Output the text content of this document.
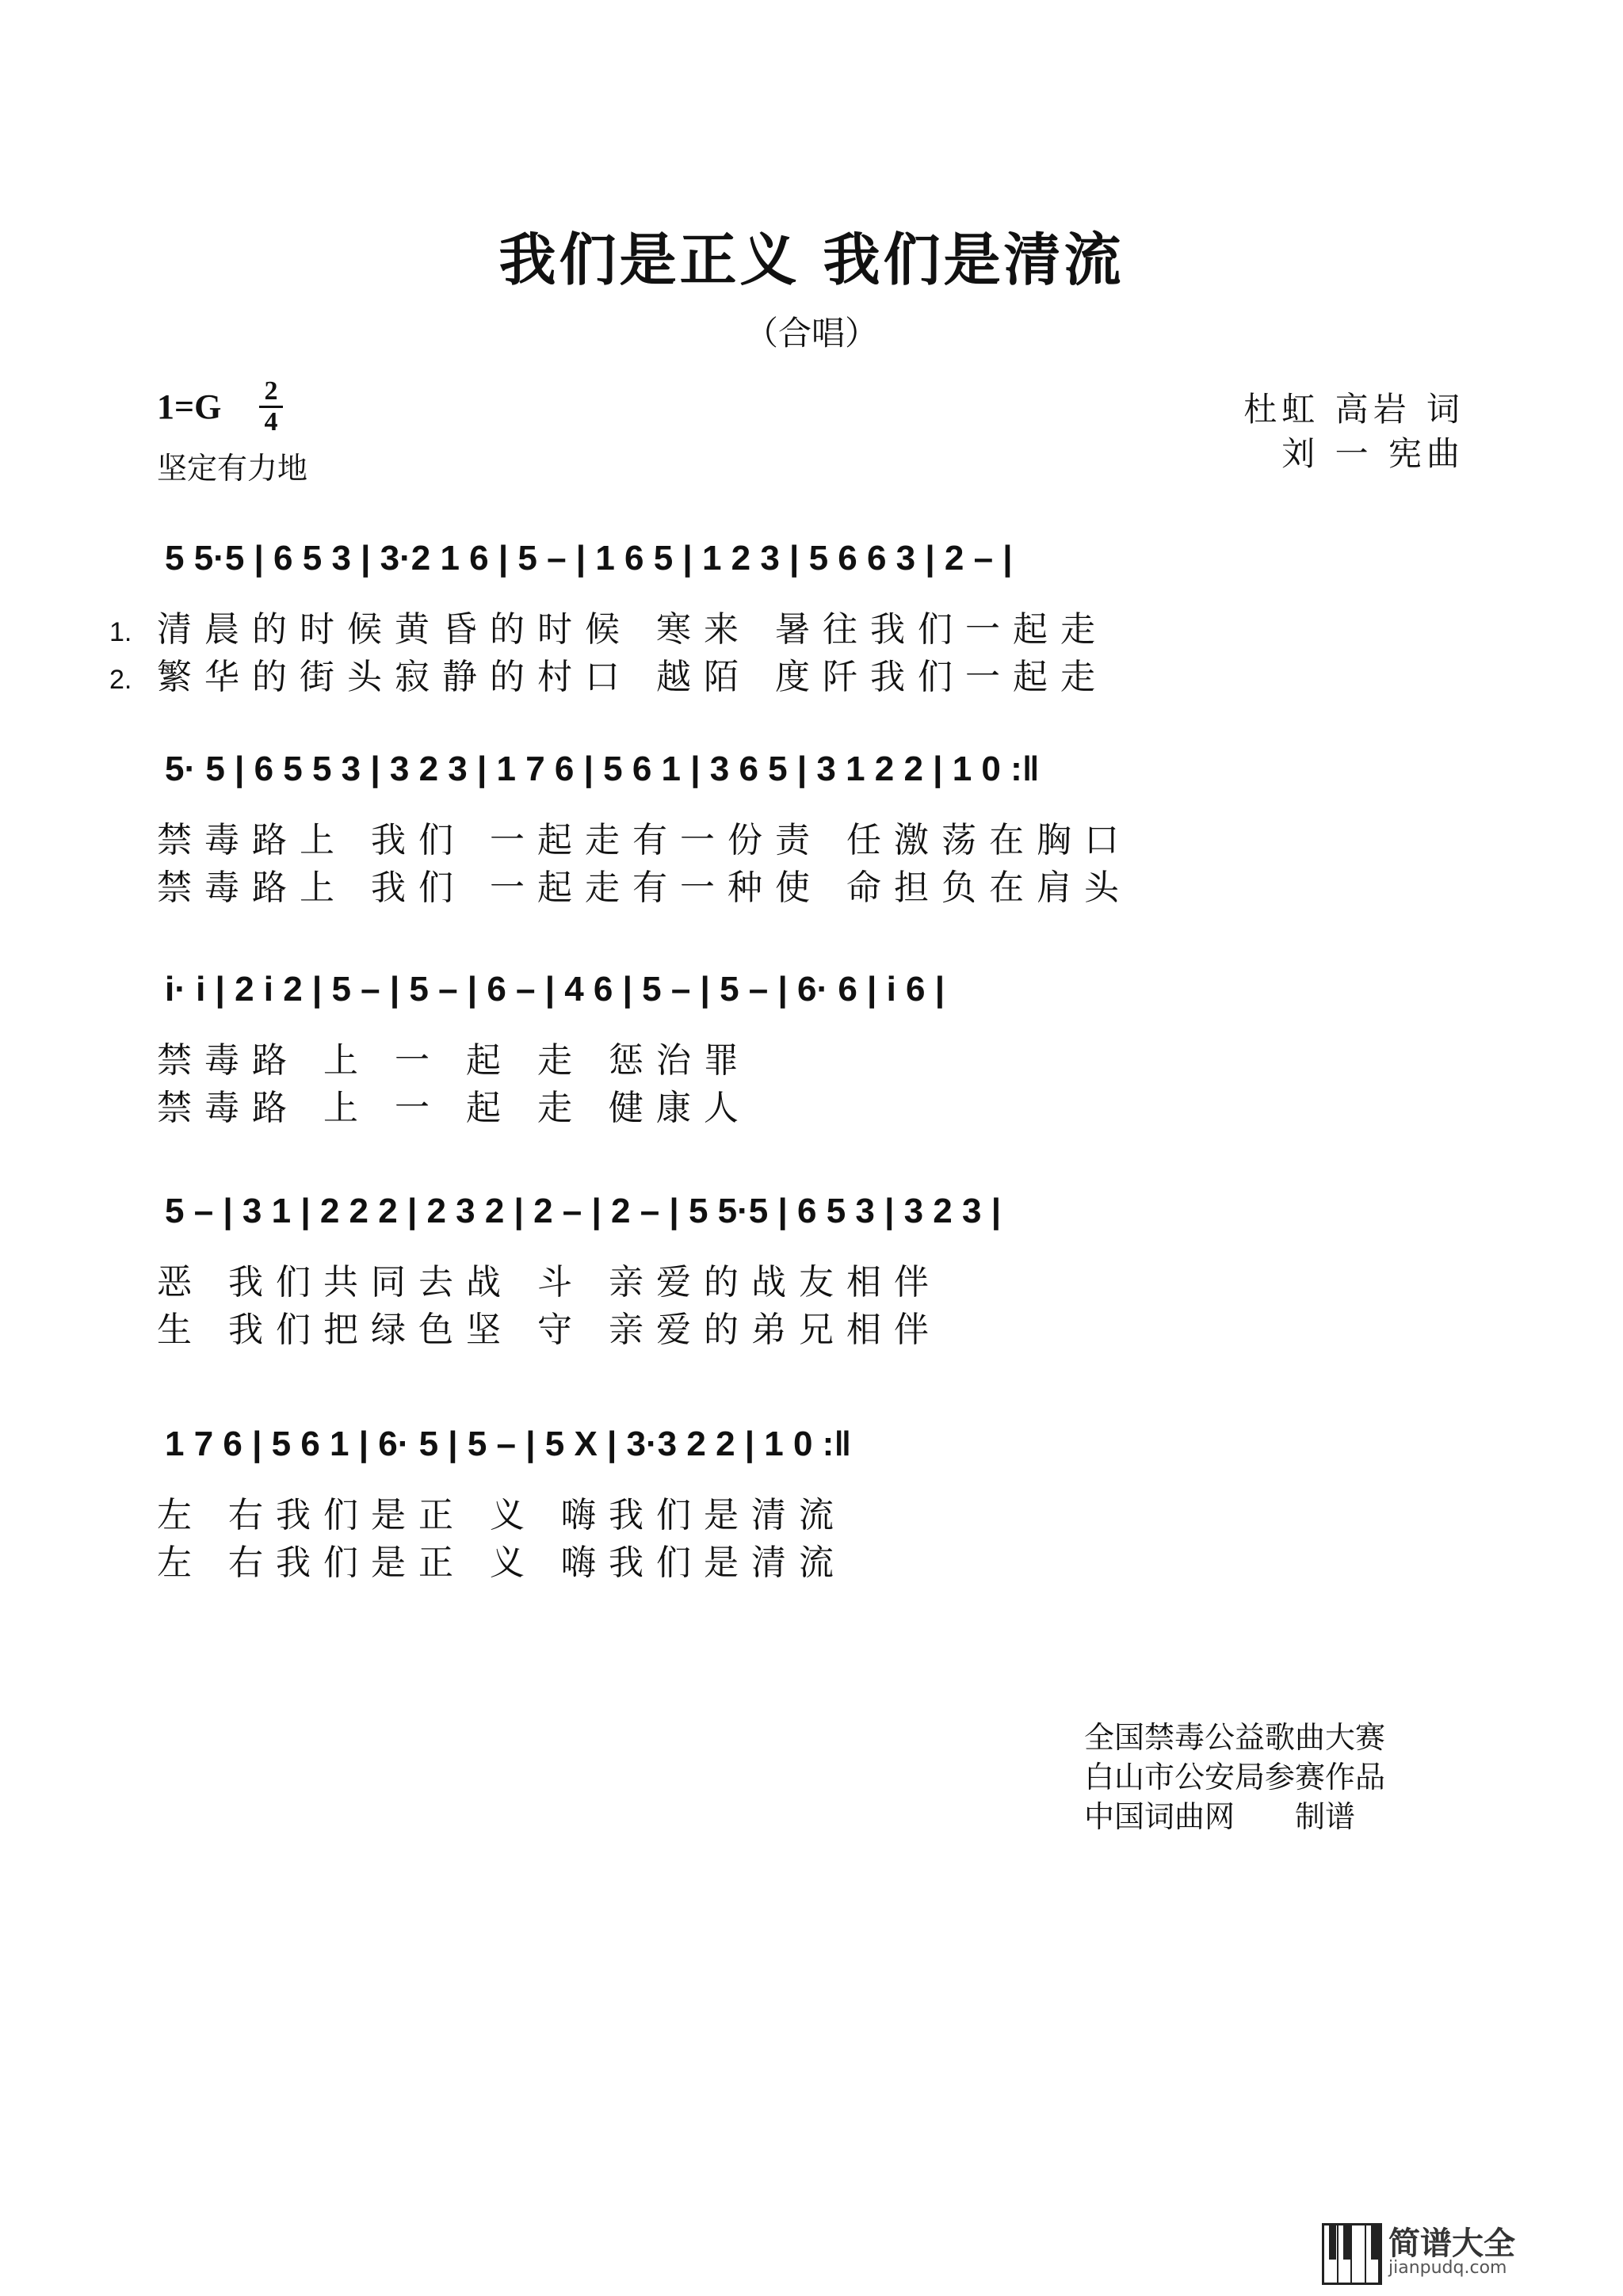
我们是正义 我们是清流
（合唱）
1=G	2
4
坚定有力地
杜虹 高岩 词
刘 一 宪曲
5 5·5 | 6 5 3 | 3·2 1 6 | 5 – | 1 6 5 | 1 2 3 | 5 6 6 3 | 2 – |
1. 清晨的时候黄昏的时候 寒来 暑往我们一起走
2. 繁华的街头寂静的村口 越陌 度阡我们一起走
5· 5 | 6 5 5 3 | 3 2 3 | 1 7 6 | 5 6 1 | 3 6 5 | 3 1 2 2 | 1 0 :‖
禁毒路上 我们 一起走有一份责 任激荡在胸口
禁毒路上 我们 一起走有一种使 命担负在肩头
i· i | 2 i 2 | 5 – | 5 – | 6 – | 4 6 | 5 – | 5 – | 6· 6 | i 6 |
禁毒路 上 一 起 走 惩治罪
禁毒路 上 一 起 走 健康人
5 – | 3 1 | 2 2 2 | 2 3 2 | 2 – | 2 – | 5 5·5 | 6 5 3 | 3 2 3 |
恶 我们共同去战 斗 亲爱的战友相伴
生 我们把绿色坚 守 亲爱的弟兄相伴
1 7 6 | 5 6 1 | 6· 5 | 5 – | 5 X | 3·3 2 2 | 1 0 :‖
左 右我们是正 义 嗨我们是清流
左 右我们是正 义 嗨我们是清流
全国禁毒公益歌曲大赛
白山市公安局参赛作品
中国词曲网　　制谱
简谱大全
jianpudq.com
